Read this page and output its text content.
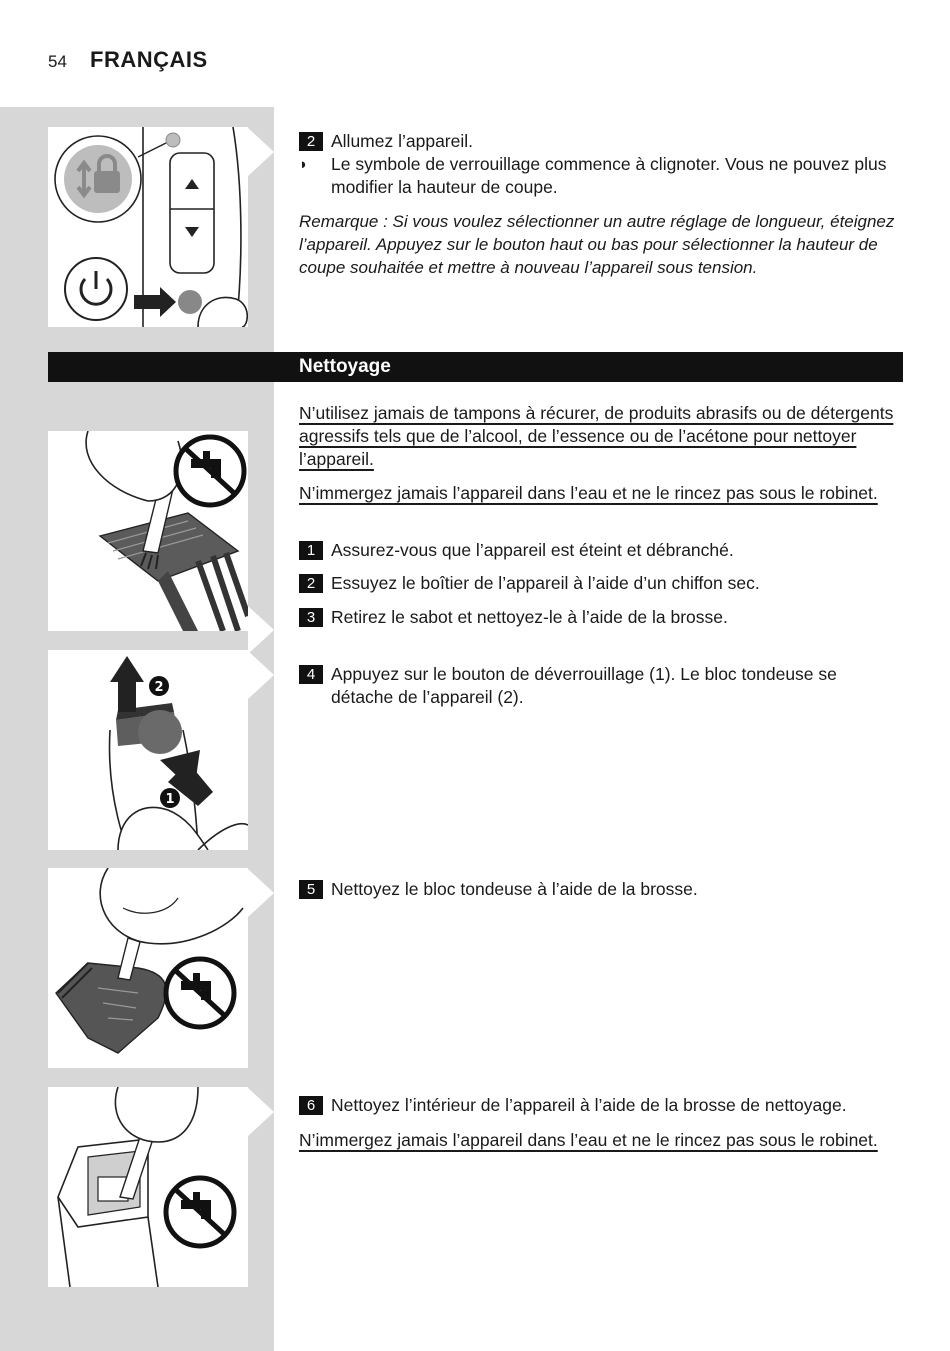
54 FRANÇAIS
2 Allumez l’appareil.
◗	Le symbole de verrouillage commence à clignoter. Vous ne pouvez plus modifier la hauteur de coupe.
Remarque : Si vous voulez sélectionner un autre réglage de longueur, éteignez l’appareil. Appuyez sur le bouton haut ou bas pour sélectionner la hauteur de coupe souhaitée et mettre à nouveau l’appareil sous tension.
Nettoyage
N’utilisez jamais de tampons à récurer, de produits abrasifs ou de détergents agressifs tels que de l’alcool, de l’essence ou de l’acétone pour nettoyer l’appareil.
N’immergez jamais l’appareil dans l’eau et ne le rincez pas sous le robinet.
1 Assurez-vous que l’appareil est éteint et débranché.
2 Essuyez le boîtier de l’appareil à l’aide d’un chiffon sec.
3 Retirez le sabot et nettoyez-le à l’aide de la brosse.
2
1
4 Appuyez sur le bouton de déverrouillage (1). Le bloc tondeuse se détache de l’appareil (2).
5 Nettoyez le bloc tondeuse à l’aide de la brosse.
6 Nettoyez l’intérieur de l’appareil à l’aide de la brosse de nettoyage.
N’immergez jamais l’appareil dans l’eau et ne le rincez pas sous le robinet.
